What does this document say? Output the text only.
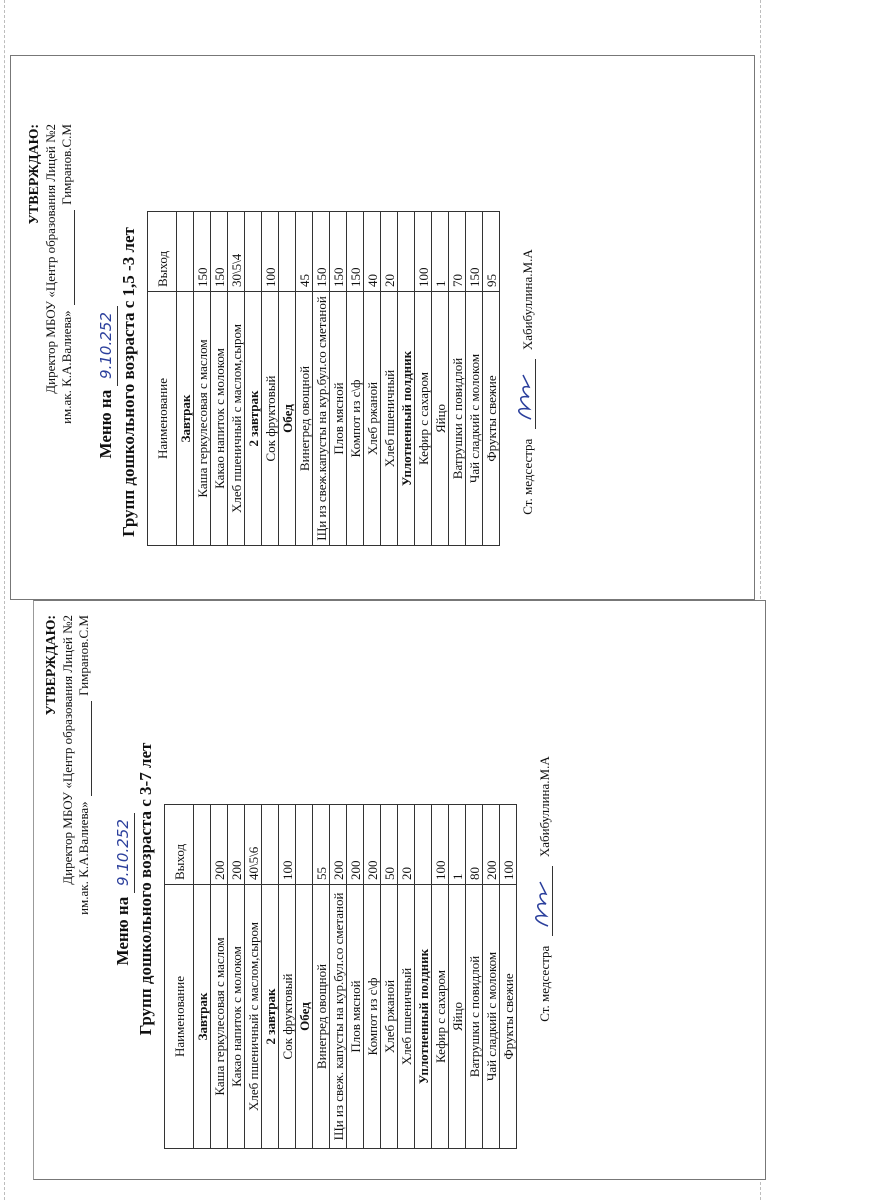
УТВЕРЖДАЮ: Директор МБОУ «Центр образования Лицей №2 им.ак. К.А.Валиева»  Гимранов.С.М
Меню на 9.10.252 Групп дошкольного возраста с 1,5 -3 лет Наименование	Выход
Завтрак	
Каша геркулесовая с маслом	150
Какао напиток с молоком	150
Хлеб пшеничный с маслом,сыром	30\5\4
2 завтрак	
Сок фруктовый	100
Обед	
Винегред овощной	45
Щи из свеж.капусты на кур.бул.со сметаной	150
Плов мясной	150
Компот из с\ф	150
Хлеб ржаной	40
Хлеб пшеничный	20
Уплотненный полдник	
Кефир с сахаром	100
Яйцо	1
Ватрушки с повидлой	70
Чай сладкий с молоком	150
Фрукты свежие	95
Ст. медсестра
Хабибуллина.М.А
УТВЕРЖДАЮ: Директор МБОУ «Центр образования Лицей №2 им.ак. К.А.Валиева»  Гимранов.С.М
Меню на 9.10.252 Групп дошкольного возраста с 3-7 лет Наименование	Выход
Завтрак	
Каша геркулесовая с маслом	200
Какао напиток с молоком	200
Хлеб пшеничный с маслом,сыром	40\5\6
2 завтрак	
Сок фруктовый	100
Обед	
Винегред овощной	55
Щи из свеж. капусты на кур.бул.со сметаной	200
Плов мясной	200
Компот из с\ф	200
Хлеб ржаной	50
Хлеб пшеничный	20
Уплотненный полдник	
Кефир с сахаром	100
Яйцо	1
Ватрушки с повидлой	80
Чай сладкий с молоком	200
Фрукты свежие	100
Ст. медсестра
Хабибуллина.М.А
